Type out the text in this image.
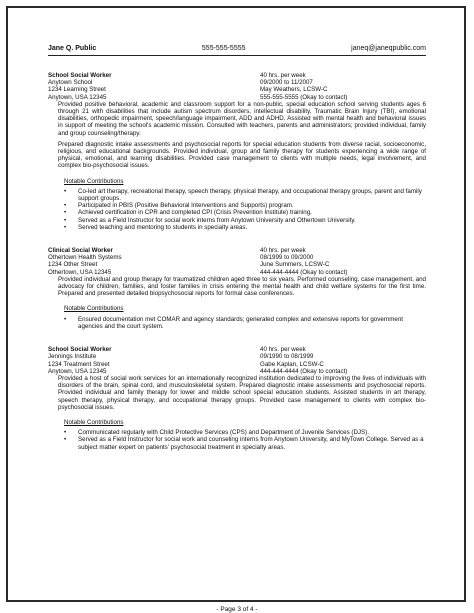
Jane Q. Public	555-555-5555	janeq@janeqpublic.com
School Social Worker
Anytown School
1234 Learning Street
Anytown, USA 12345
40 hrs. per week
09/2000 to 11/2007
May Weathers, LCSW-C
555-555-5555 (Okay to contact)

Provided positive behavioral, academic and classroom support for a non-public, special education school serving students ages 6 through 21 with disabilities that include autism spectrum disorders, intellectual disability, Traumatic Brain Injury (TBI), emotional disabilities, orthopedic impairment, speech/language impairment, ADD and ADHD. Assisted with mental health and behavioral issues in support of meeting the school's academic mission. Consulted with teachers, parents and administrators; provided individual, family and group counseling/therapy.

Prepared diagnostic intake assessments and psychosocial reports for special education students from diverse racial, socioeconomic, religious, and educational backgrounds. Provided individual, group and family therapy for students experiencing a wide range of physical, emotional, and learning disabilities. Provided case management to clients with multiple needs, legal involvement, and complex bio-psychosocial issues.

Notable Contributions
• Co-led art therapy, recreational therapy, speech therapy, physical therapy, and occupational therapy groups, parent and family support groups.
• Participated in PBIS (Positive Behavioral Interventions and Supports) program.
• Achieved certification in CPR and completed CPI (Crisis Prevention Institute) training.
• Served as a Field Instructor for social work interns from Anytown University and Othertown University.
• Served teaching and mentoring to students in specialty areas.
Clinical Social Worker
Othertown Health Systems
1234 Other Street
Othertown, USA 12345
40 hrs. per week
08/1999 to 09/2000
June Summers, LCSW-C
444-444-4444 (Okay to contact)

Provided individual and group therapy for traumatized children aged three to six years. Performed counseling, case management, and advocacy for children, families, and foster families in crisis entering the mental health and child welfare systems for the first time. Prepared and presented detailed biopsychosocial reports for formal case conferences.

Notable Contributions
• Ensured documentation met COMAR and agency standards; generated complex and extensive reports for government agencies and the court system.
School Social Worker
Jennings Institute
1234 Treatment Street
Anytown, USA 12345
40 hrs. per week
09/1990 to 08/1999
Gabe Kaplan, LCSW-C
444-444-4444 (Okay to contact)

Provided a host of social work services for an internationally recognized institution dedicated to improving the lives of individuals with disorders of the brain, spinal cord, and musculoskeletal system. Prepared diagnostic intake assessments and psychosocial reports. Provided individual and family therapy for lower and middle school special education students. Assisted students in art therapy, speech therapy, physical therapy, and occupational therapy groups. Provided case management to clients with complex bio-psychosocial issues.

Notable Contributions
• Communicated regularly with Child Protective Services (CPS) and Department of Juvenile Services (DJS).
• Served as a Field Instructor for social work and counseling interns from Anytown University, and MyTown College. Served as a subject matter expert on patients' psychosocial treatment in specialty areas.
- Page 3 of 4 -
